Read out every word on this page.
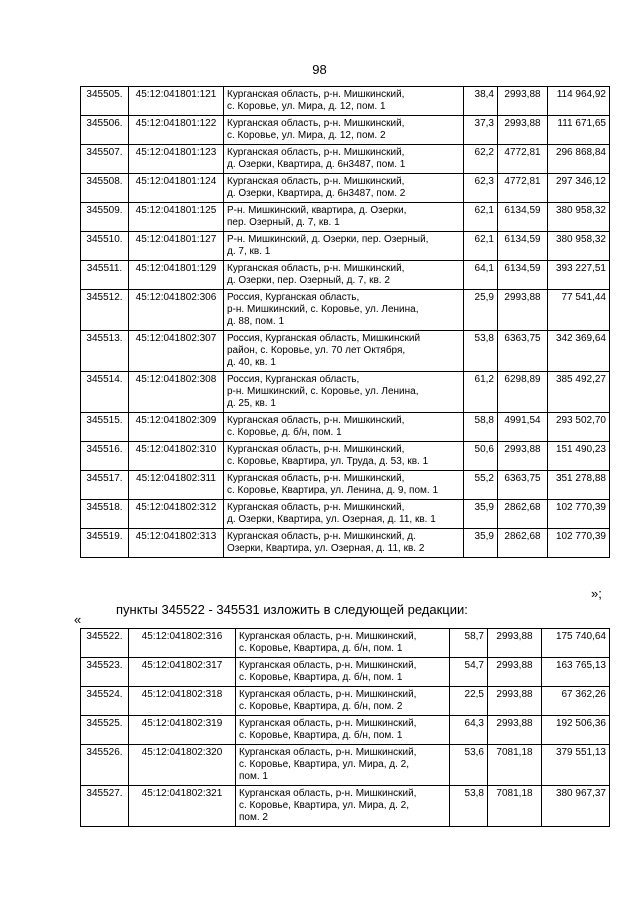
98
345505.	45:12:041801:121	Курганская область, р-н. Мишкинский,
с. Коровье, ул. Мира, д. 12, пом. 1	38,4	2993,88	114 964,92
345506.	45:12:041801:122	Курганская область, р-н. Мишкинский,
с. Коровье, ул. Мира, д. 12, пом. 2	37,3	2993,88	111 671,65
345507.	45:12:041801:123	Курганская область, р-н. Мишкинский,
д. Озерки, Квартира, д. 6н3487, пом. 1	62,2	4772,81	296 868,84
345508.	45:12:041801:124	Курганская область, р-н. Мишкинский,
д. Озерки, Квартира, д. 6н3487, пом. 2	62,3	4772,81	297 346,12
345509.	45:12:041801:125	Р-н. Мишкинский, квартира, д. Озерки,
пер. Озерный, д. 7, кв. 1	62,1	6134,59	380 958,32
345510.	45:12:041801:127	Р-н. Мишкинский, д. Озерки, пер. Озерный,
д. 7, кв. 1	62,1	6134,59	380 958,32
345511.	45:12:041801:129	Курганская область, р-н. Мишкинский,
д. Озерки, пер. Озерный, д. 7, кв. 2	64,1	6134,59	393 227,51
345512.	45:12:041802:306	Россия, Курганская область,
р-н. Мишкинский, с. Коровье, ул. Ленина,
д. 88, пом. 1	25,9	2993,88	77 541,44
345513.	45:12:041802:307	Россия, Курганская область, Мишкинский
район, с. Коровье, ул. 70 лет Октября,
д. 40, кв. 1	53,8	6363,75	342 369,64
345514.	45:12:041802:308	Россия, Курганская область,
р-н. Мишкинский, с. Коровье, ул. Ленина,
д. 25, кв. 1	61,2	6298,89	385 492,27
345515.	45:12:041802:309	Курганская область, р-н. Мишкинский,
с. Коровье, д. б/н, пом. 1	58,8	4991,54	293 502,70
345516.	45:12:041802:310	Курганская область, р-н. Мишкинский,
с. Коровье, Квартира, ул. Труда, д. 53, кв. 1	50,6	2993,88	151 490,23
345517.	45:12:041802:311	Курганская область, р-н. Мишкинский,
с. Коровье, Квартира, ул. Ленина, д. 9, пом. 1	55,2	6363,75	351 278,88
345518.	45:12:041802:312	Курганская область, р-н. Мишкинский,
д. Озерки, Квартира, ул. Озерная, д. 11, кв. 1	35,9	2862,68	102 770,39
345519.	45:12:041802:313	Курганская область, р-н. Мишкинский, д.
Озерки, Квартира, ул. Озерная, д. 11, кв. 2	35,9	2862,68	102 770,39
»;
пункты 345522 - 345531 изложить в следующей редакции:
«
345522.	45:12:041802:316	Курганская область, р-н. Мишкинский,
с. Коровье, Квартира, д. б/н, пом. 1	58,7	2993,88	175 740,64
345523.	45:12:041802:317	Курганская область, р-н. Мишкинский,
с. Коровье, Квартира, д. б/н, пом. 1	54,7	2993,88	163 765,13
345524.	45:12:041802:318	Курганская область, р-н. Мишкинский,
с. Коровье, Квартира, д. б/н, пом. 2	22,5	2993,88	67 362,26
345525.	45:12:041802:319	Курганская область, р-н. Мишкинский,
с. Коровье, Квартира, д. б/н, пом. 1	64,3	2993,88	192 506,36
345526.	45:12:041802:320	Курганская область, р-н. Мишкинский,
с. Коровье, Квартира, ул. Мира, д. 2,
пом. 1	53,6	7081,18	379 551,13
345527.	45:12:041802:321	Курганская область, р-н. Мишкинский,
с. Коровье, Квартира, ул. Мира, д. 2,
пом. 2	53,8	7081,18	380 967,37
